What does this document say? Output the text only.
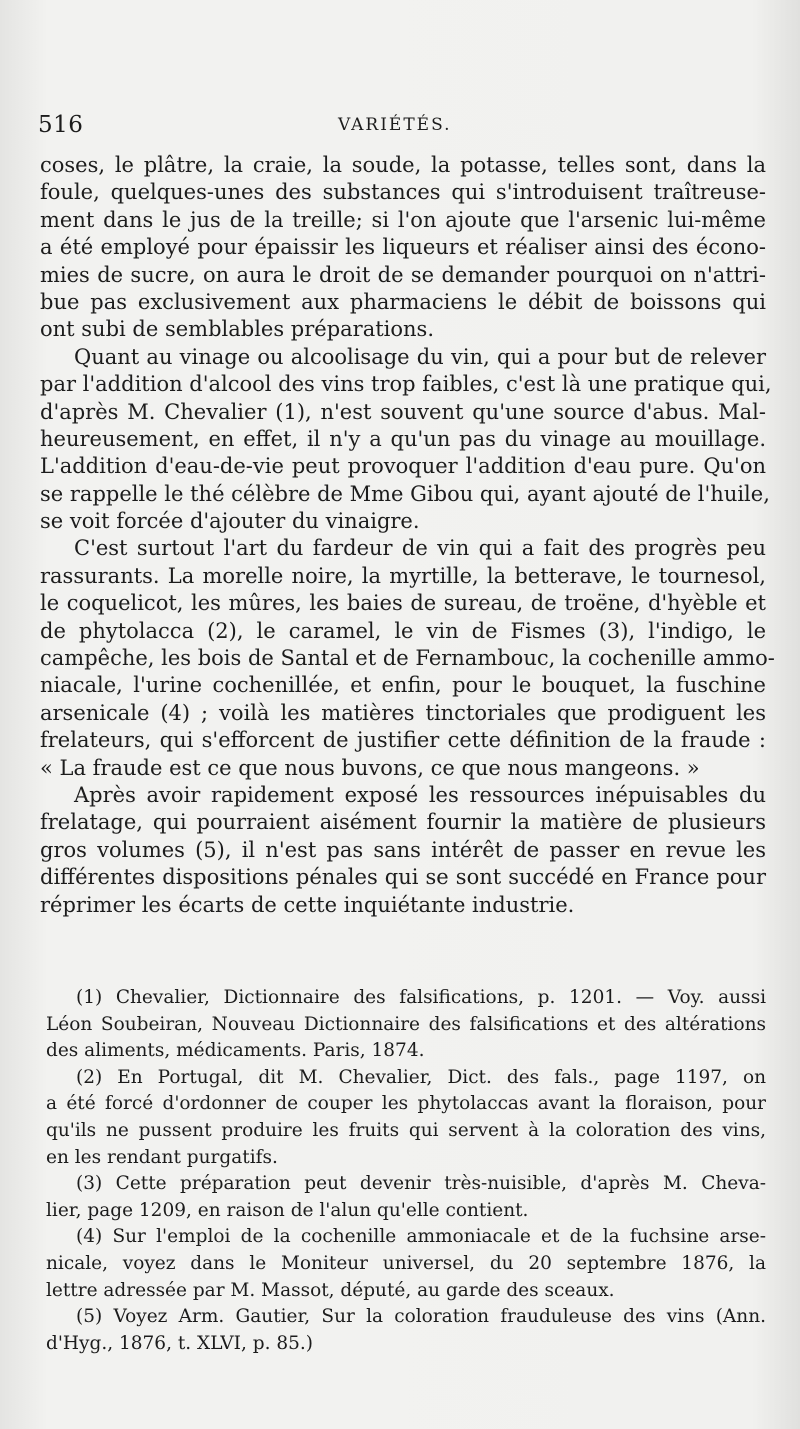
516	VARIÉTÉS.
coses, le plâtre, la craie, la soude, la potasse, telles sont, dans la
foule, quelques-unes des substances qui s'introduisent traîtreuse-
ment dans le jus de la treille; si l'on ajoute que l'arsenic lui-même
a été employé pour épaissir les liqueurs et réaliser ainsi des écono-
mies de sucre, on aura le droit de se demander pourquoi on n'attri-
bue pas exclusivement aux pharmaciens le débit de boissons qui
ont subi de semblables préparations.
Quant au vinage ou alcoolisage du vin, qui a pour but de relever
par l'addition d'alcool des vins trop faibles, c'est là une pratique qui,
d'après M. Chevalier (1), n'est souvent qu'une source d'abus. Mal-
heureusement, en effet, il n'y a qu'un pas du vinage au mouillage.
L'addition d'eau-de-vie peut provoquer l'addition d'eau pure. Qu'on
se rappelle le thé célèbre de Mme Gibou qui, ayant ajouté de l'huile,
se voit forcée d'ajouter du vinaigre.
C'est surtout l'art du fardeur de vin qui a fait des progrès peu
rassurants. La morelle noire, la myrtille, la betterave, le tournesol,
le coquelicot, les mûres, les baies de sureau, de troëne, d'hyèble et
de phytolacca (2), le caramel, le vin de Fismes (3), l'indigo, le
campêche, les bois de Santal et de Fernambouc, la cochenille ammo-
niacale, l'urine cochenillée, et enfin, pour le bouquet, la fuschine
arsenicale (4) ; voilà les matières tinctoriales que prodiguent les
frelateurs, qui s'efforcent de justifier cette définition de la fraude :
« La fraude est ce que nous buvons, ce que nous mangeons. »
Après avoir rapidement exposé les ressources inépuisables du
frelatage, qui pourraient aisément fournir la matière de plusieurs
gros volumes (5), il n'est pas sans intérêt de passer en revue les
différentes dispositions pénales qui se sont succédé en France pour
réprimer les écarts de cette inquiétante industrie.
(1) Chevalier, Dictionnaire des falsifications, p. 1201. — Voy. aussi
Léon Soubeiran, Nouveau Dictionnaire des falsifications et des altérations
des aliments, médicaments. Paris, 1874.
(2) En Portugal, dit M. Chevalier, Dict. des fals., page 1197, on
a été forcé d'ordonner de couper les phytolaccas avant la floraison, pour
qu'ils ne pussent produire les fruits qui servent à la coloration des vins,
en les rendant purgatifs.
(3) Cette préparation peut devenir très-nuisible, d'après M. Cheva-
lier, page 1209, en raison de l'alun qu'elle contient.
(4) Sur l'emploi de la cochenille ammoniacale et de la fuchsine arse-
nicale, voyez dans le Moniteur universel, du 20 septembre 1876, la
lettre adressée par M. Massot, député, au garde des sceaux.
(5) Voyez Arm. Gautier, Sur la coloration frauduleuse des vins (Ann.
d'Hyg., 1876, t. XLVI, p. 85.)
